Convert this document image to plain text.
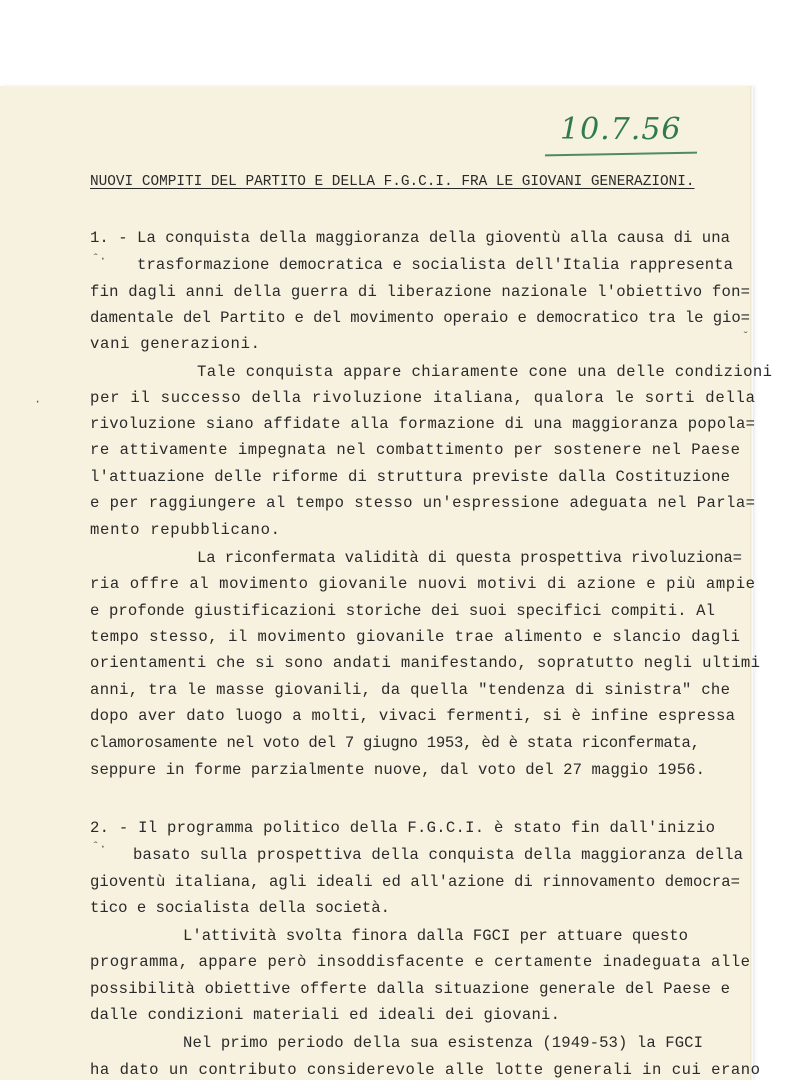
10.7.56
NUOVI COMPITI DEL PARTITO E DELLA F.G.C.I. FRA LE GIOVANI GENERAZIONI.
1. - La conquista della maggioranza della gioventù alla causa di una
trasformazione democratica e socialista dell'Italia rappresenta
fin dagli anni della guerra di liberazione nazionale l'obiettivo fon=
damentale del Partito e del movimento operaio e democratico tra le gio=
vani generazioni.
Tale conquista appare chiaramente cone una delle condizioni
per il successo della rivoluzione italiana, qualora le sorti della
rivoluzione siano affidate alla formazione di una maggioranza popola=
re attivamente impegnata nel combattimento per sostenere nel Paese
l'attuazione delle riforme di struttura previste dalla Costituzione
e per raggiungere al tempo stesso un'espressione adeguata nel Parla=
mento repubblicano.
La riconfermata validità di questa prospettiva rivoluziona=
ria offre al movimento giovanile nuovi motivi di azione e più ampie
e profonde giustificazioni storiche dei suoi specifici compiti. Al
tempo stesso, il movimento giovanile trae alimento e slancio dagli
orientamenti che si sono andati manifestando, sopratutto negli ultimi
anni, tra le masse giovanili, da quella "tendenza di sinistra" che
dopo aver dato luogo a molti, vivaci fermenti, si è infine espressa
clamorosamente nel voto del 7 giugno 1953, èd è stata riconfermata,
seppure in forme parzialmente nuove, dal voto del 27 maggio 1956.
2. - Il programma politico della F.G.C.I. è stato fin dall'inizio
basato sulla prospettiva della conquista della maggioranza della
gioventù italiana, agli ideali ed all'azione di rinnovamento democra=
tico e socialista della società.
L'attività svolta finora dalla FGCI per attuare questo
programma, appare però insoddisfacente e certamente inadeguata alle
possibilità obiettive offerte dalla situazione generale del Paese e
dalle condizioni materiali ed ideali dei giovani.
Nel primo periodo della sua esistenza (1949-53) la FGCI
ha dato un contributo considerevole alle lotte generali in cui erano
ˆ·
·
ˇ
ˆ·
